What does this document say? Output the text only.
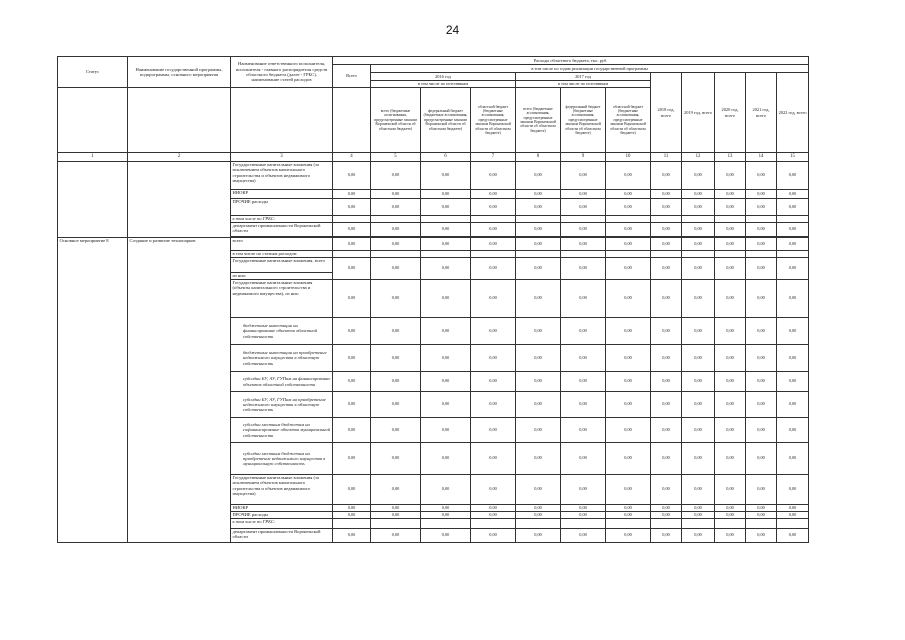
24
Статус	Наименование государственной программы, подпрограммы, основного мероприятия	Наименование ответственного исполнителя, исполнителя - главного распорядителя средств областного бюджета (далее - ГРБС), наименование статей расходов	Расходы областного бюджета, тыс. руб.											
			Всего	в том числе по годам реализации государственной программы										
				2016 год			2017 год			2018 год, всего	2019 год, всего	2020 год, всего	2021 год, всего	2022 год, всего
				в том числе по источникам			в том числе по источникам							
				всего (бюджетные ассигнования, предусмотренные законом Воронежской области об областном бюджете)	федеральный бюджет (бюджетные ассигнования, предусмотренные законом Воронежской области об областном бюджете)	областной бюджет (бюджетные ассигнования, предусмотренные законом Воронежской области об областном бюджете)	всего (бюджетные ассигнования, предусмотренные законом Воронежской области об областном бюджете)	федеральный бюджет (бюджетные ассигнования, предусмотренные законом Воронежской области об областном бюджете)	областной бюджет (бюджетные ассигнования, предусмотренные законом Воронежской области об областном бюджете)					
1	2	3	4	5	6	7	8	9	10	11	12	13	14	15
		Государственные капитальные вложения (за исключением объектов капитального строительства и объектов недвижимого имущества)	0,00	0,00	0,00	0,00	0,00	0,00	0,00	0,00	0,00	0,00	0,00	0,00
		НИОКР	0,00	0,00	0,00	0,00	0,00	0,00	0,00	0,00	0,00	0,00	0,00	0,00
		ПРОЧИЕ расходы	0,00	0,00	0,00	0,00	0,00	0,00	0,00	0,00	0,00	0,00	0,00	0,00
		в том числе по ГРБС:												
		департамент промышленности Воронежской области	0,00	0,00	0,00	0,00	0,00	0,00	0,00	0,00	0,00	0,00	0,00	0,00

Основное мероприятие 8	Создание и развитие технопарков	всего	0,00	0,00	0,00	0,00	0,00	0,00	0,00	0,00	0,00	0,00	0,00	0,00
		в том числе по статьям расходов:												
		Государственные капитальные вложения, всего	0,00	0,00	0,00	0,00	0,00	0,00	0,00	0,00	0,00	0,00	0,00	0,00
		из них:												
		Государственные капитальные вложения (объекты капитального строительства и недвижимого имущества), из них:	0,00	0,00	0,00	0,00	0,00	0,00	0,00	0,00	0,00	0,00	0,00	0,00
		бюджетные инвестиции на финансирование объектов областной собственности	0,00	0,00	0,00	0,00	0,00	0,00	0,00	0,00	0,00	0,00	0,00	0,00
		бюджетные инвестиции на приобретение недвижимого имущества в областную собственность	0,00	0,00	0,00	0,00	0,00	0,00	0,00	0,00	0,00	0,00	0,00	0,00
		субсидии БУ, АУ, ГУПам на финансирование объектов областной собственности	0,00	0,00	0,00	0,00	0,00	0,00	0,00	0,00	0,00	0,00	0,00	0,00
		субсидии БУ, АУ, ГУПам на приобретение недвижимого имущества в областную собственность	0,00	0,00	0,00	0,00	0,00	0,00	0,00	0,00	0,00	0,00	0,00	0,00
		субсидии местным бюджетам на софинансирование объектов муниципальной собственности	0,00	0,00	0,00	0,00	0,00	0,00	0,00	0,00	0,00	0,00	0,00	0,00
		субсидии местным бюджетам на приобретение недвижимого имущества в муниципальную собственность	0,00	0,00	0,00	0,00	0,00	0,00	0,00	0,00	0,00	0,00	0,00	0,00
		Государственные капитальные вложения (за исключением объектов капитального строительства и объектов недвижимого имущества)	0,00	0,00	0,00	0,00	0,00	0,00	0,00	0,00	0,00	0,00	0,00	0,00
		НИОКР	0,00	0,00	0,00	0,00	0,00	0,00	0,00	0,00	0,00	0,00	0,00	0,00
		ПРОЧИЕ расходы	0,00	0,00	0,00	0,00	0,00	0,00	0,00	0,00	0,00	0,00	0,00	0,00
		в том числе по ГРБС:												
		департамент промышленности Воронежской области	0,00	0,00	0,00	0,00	0,00	0,00	0,00	0,00	0,00	0,00	0,00	0,00
